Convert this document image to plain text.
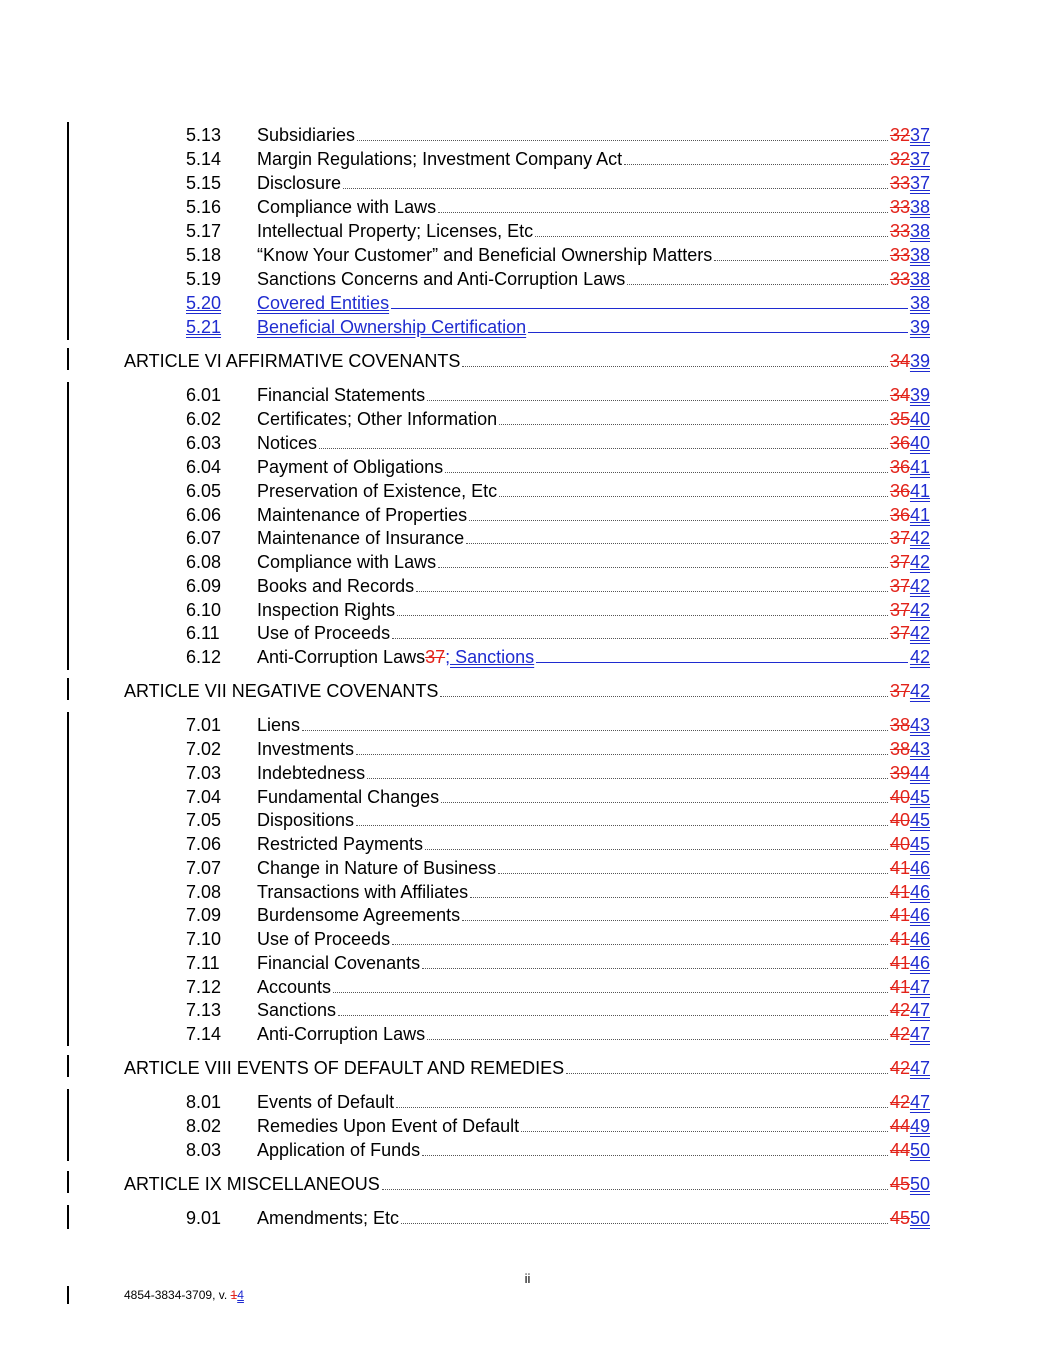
5.13	Subsidiaries	3237
5.14	Margin Regulations; Investment Company Act	3237
5.15	Disclosure	3337
5.16	Compliance with Laws	3338
5.17	Intellectual Property; Licenses, Etc	3338
5.18	“Know Your Customer” and Beneficial Ownership Matters	3338
5.19	Sanctions Concerns and Anti-Corruption Laws	3338
5.20	Covered Entities	38
5.21	Beneficial Ownership Certification	39
ARTICLE VI AFFIRMATIVE COVENANTS	3439
6.01	Financial Statements	3439
6.02	Certificates; Other Information	3540
6.03	Notices	3640
6.04	Payment of Obligations	3641
6.05	Preservation of Existence, Etc	3641
6.06	Maintenance of Properties	3641
6.07	Maintenance of Insurance	3742
6.08	Compliance with Laws	3742
6.09	Books and Records	3742
6.10	Inspection Rights	3742
6.11	Use of Proceeds	3742
6.12	Anti-Corruption Laws 37 ; Sanctions	42
ARTICLE VII NEGATIVE COVENANTS	3742
7.01	Liens	3843
7.02	Investments	3843
7.03	Indebtedness	3944
7.04	Fundamental Changes	4045
7.05	Dispositions	4045
7.06	Restricted Payments	4045
7.07	Change in Nature of Business	4146
7.08	Transactions with Affiliates	4146
7.09	Burdensome Agreements	4146
7.10	Use of Proceeds	4146
7.11	Financial Covenants	4146
7.12	Accounts	4147
7.13	Sanctions	4247
7.14	Anti-Corruption Laws	4247
ARTICLE VIII EVENTS OF DEFAULT AND REMEDIES	4247
8.01	Events of Default	4247
8.02	Remedies Upon Event of Default	4449
8.03	Application of Funds	4450
ARTICLE IX MISCELLANEOUS	4550
9.01	Amendments; Etc	4550
ii
4854-3834-3709, v. 14
